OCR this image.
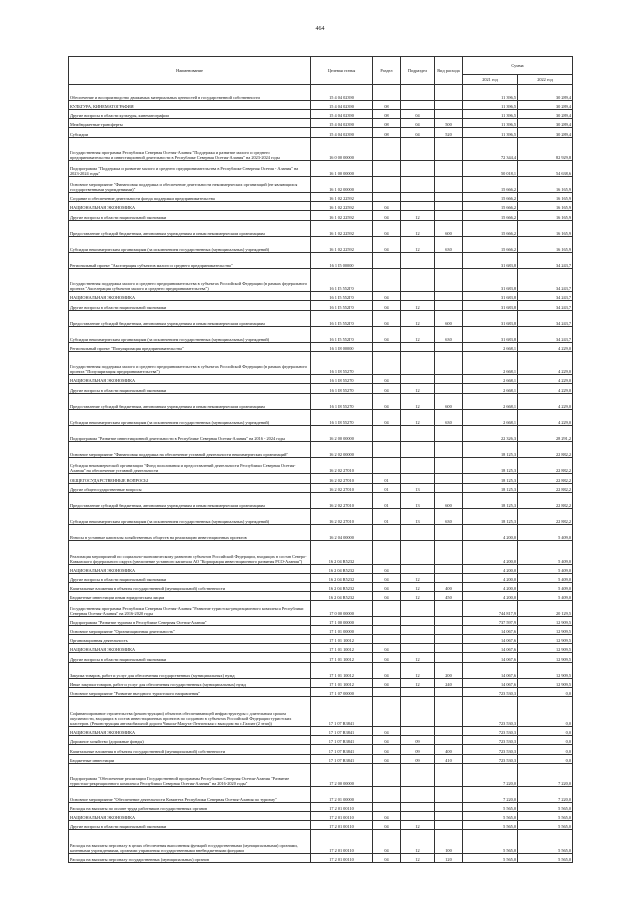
464
Наименование	Целевая статья	Раздел	Подраздел	Вид расхода	Сумма	
					2021 год	2022 год
Обеспечение и воспроизводство движимых материальных ценностей в государственной собственности	15 4 04 02390				11 396,5	30 289,4
КУЛЬТУРА, КИНЕМАТОГРАФИЯ	15 4 04 02390	08			11 396,5	30 289,4
Другие вопросы в области культуры, кинематографии	15 4 04 02390	08	04		11 396,5	30 289,4
Межбюджетные трансферты	15 4 04 02390	08	04	500	11 396,5	30 289,4
Субсидии	15 4 04 02390	08	04	520	11 396,5	30 289,4
Государственная программа Республики Северная Осетия-Алания "Поддержка и развитие малого и среднего предпринимательства и инвестиционной деятельности в Республике Северная Осетия-Алания" на 2023-2024 годы	16 0 00 00000				72 344,4	82 929,8
Подпрограмма "Поддержка и развитие малого и среднего предпринимательства в Республике Северная Осетия - Алания" на 2023-2024 годы"	16 1 00 00000				50 018,1	54 638,6
Основное мероприятие "Финансовая поддержка и обеспечение деятельности некоммерческих организаций (не являющихся государственными учреждениями)"	16 1 02 00000				15 666,2	16 165,9
Создание и обеспечение деятельности фонда поддержки предпринимательства	16 1 02 22592				15 666,2	16 165,9
НАЦИОНАЛЬНАЯ ЭКОНОМИКА	16 1 02 22592	04			15 666,2	16 165,9
Другие вопросы в области национальной экономики	16 1 02 22592	04	12		15 666,2	16 165,9
Предоставление субсидий бюджетным, автономным учреждениям и иным некоммерческим организациям	16 1 02 22592	04	12	600	15 666,2	16 165,9
Субсидии некоммерческим организациям (за исключением государственных (муниципальных) учреждений)	16 1 02 22592	04	12	630	15 666,2	16 165,9
Региональный проект "Акселерация субъектов малого и среднего предпринимательства"	16 1 I5 00000				31 683,8	34 243,7
Государственная поддержка малого и среднего предпринимательства в субъектах Российской Федерации (в рамках федерального проекта "Акселерация субъектов малого и среднего предпринимательства")	16 1 I5 552Г0				31 683,8	34 243,7
НАЦИОНАЛЬНАЯ ЭКОНОМИКА	16 1 I5 552Г0	04			31 683,8	34 243,7
Другие вопросы в области национальной экономики	16 1 I5 552Г0	04	12		31 683,8	34 243,7
Предоставление субсидий бюджетным, автономным учреждениям и иным некоммерческим организациям	16 1 I5 552Г0	04	12	600	31 683,8	34 243,7
Субсидии некоммерческим организациям (за исключением государственных (муниципальных) учреждений)	16 1 I5 552Г0	04	12	630	31 683,8	34 243,7
Региональный проект "Популяризация предпринимательства"	16 1 I8 00000				2 668,1	4 229,0
Государственная поддержка малого и среднего предпринимательства в субъектах Российской Федерации (в рамках федерального проекта "Популяризация предпринимательства")	16 1 I8 55270				2 668,1	4 229,0
НАЦИОНАЛЬНАЯ ЭКОНОМИКА	16 1 I8 55270	04			2 668,1	4 229,0
Другие вопросы в области национальной экономики	16 1 I8 55270	04	12		2 668,1	4 229,0
Предоставление субсидий бюджетным, автономным учреждениям и иным некоммерческим организациям	16 1 I8 55270	04	12	600	2 668,1	4 229,0
Субсидии некоммерческим организациям (за исключением государственных (муниципальных) учреждений)	16 1 I8 55270	04	12	630	2 668,1	4 229,0
Подпрограмма "Развитие инвестиционной деятельности в Республике Северная Осетия-Алания" на 2016 - 2024 годы	16 2 00 00000				22 326,3	28 291,2
Основное мероприятие "Финансовая поддержка на обеспечение уставной деятельности некоммерческих организаций"	16 2 02 00000				18 125,3	22 882,2
Субсидия некоммерческой организации "Фонд пользования и предоставлений деятельности Республики Северная Осетия-Алания" на обеспечение уставной деятельности	16 2 02 27010				18 125,3	22 882,2
ОБЩЕГОСУДАРСТВЕННЫЕ ВОПРОСЫ	16 2 02 27010	01			18 125,3	22 882,2
Другие общегосударственные вопросы	16 2 02 27010	01	13		18 125,3	22 882,2
Предоставление субсидий бюджетным, автономным учреждениям и иным некоммерческим организациям	16 2 02 27010	01	13	600	18 125,3	22 882,2
Субсидии некоммерческим организациям (за исключением государственных (муниципальных) учреждений)	16 2 02 27010	01	13	630	18 125,3	22 882,2
Взносы в уставные капиталы хозяйственных обществ на реализацию инвестиционных проектов	16 2 04 00000				4 200,0	5 409,0
Реализация мероприятий по социально-экономическому развитию субъектов Российской Федерации, входящих в состав Северо-Кавказского федерального округа (увеличение уставного капитала АО "Корпорация инвестиционного развития РСО-Алания")	16 2 04 R5232				4 200,0	5 409,0
НАЦИОНАЛЬНАЯ ЭКОНОМИКА	16 2 04 R5232	04			4 200,0	5 409,0
Другие вопросы в области национальной экономики	16 2 04 R5232	04	12		4 200,0	5 409,0
Капитальные вложения в объекты государственной (муниципальной) собственности	16 2 04 R5232	04	12	400	4 200,0	5 409,0
Бюджетные инвестиции иным юридическим лицам	16 2 04 R5232	04	12	450	4 200,0	5 409,0
Государственная программа Республики Северная Осетия-Алания "Развитие туристско-рекреационного комплекса Республики Северная Осетия-Алания" на 2016-2020 годы	17 0 00 00000				744 817,9	20 129,5
Подпрограмма "Развитие туризма в Республике Северная Осетия-Алания"	17 1 00 00000				737 597,9	12 909,5
Основное мероприятие "Организационная деятельность"	17 1 01 00000				14 067,6	12 909,5
Организационная деятельность	17 1 01 10012				14 067,6	12 909,5
НАЦИОНАЛЬНАЯ ЭКОНОМИКА	17 1 01 10012	04			14 067,6	12 909,5
Другие вопросы в области национальной экономики	17 1 01 10012	04	12		14 067,6	12 909,5
Закупка товаров, работ и услуг для обеспечения государственных (муниципальных) нужд	17 1 01 10012	04	12	200	14 067,6	12 909,5
Иные закупки товаров, работ и услуг для обеспечения государственных (муниципальных) нужд	17 1 01 10012	04	12	240	14 067,6	12 909,5
Основное мероприятие "Развитие въездного туристского направления"	17 1 07 00000				723 530,3	0,0
Софинансирование строительства (реконструкции) объектов обеспечивающей инфраструктуры с длительным сроком окупаемости, входящих в состав инвестиционных проектов по созданию в субъектах Российской Федерации туристских кластеров. (Реконструкция автомобильной дороги Чикола-Мацута-Лезгинская с выходом на с.Галиат (2 этап))	17 1 07 R3841				723 530,3	0,0
НАЦИОНАЛЬНАЯ ЭКОНОМИКА	17 1 07 R3841	04			723 530,3	0,0
Дорожное хозяйство (дорожные фонды)	17 1 07 R3841	04	09		723 530,3	0,0
Капитальные вложения в объекты государственной (муниципальной) собственности	17 1 07 R3841	04	09	400	723 530,3	0,0
Бюджетные инвестиции	17 1 07 R3841	04	09	410	723 530,3	0,0
Подпрограмма "Обеспечение реализации Государственной программы Республики Северная Осетия-Алания "Развитие туристско-рекреационного комплекса Республики Северная Осетия-Алания" на 2016-2020 годы"	17 2 00 00000				7 220,0	7 220,0
Основное мероприятие "Обеспечение деятельности Комитета Республики Северная Осетия-Алания по туризму"	17 2 01 00000				7 220,0	7 220,0
Расходы на выплаты по оплате труда работников государственных органов	17 2 01 00110				5 565,0	5 565,0
НАЦИОНАЛЬНАЯ ЭКОНОМИКА	17 2 01 00110	04			5 565,0	5 565,0
Другие вопросы в области национальной экономики	17 2 01 00110	04	12		5 565,0	5 565,0
Расходы на выплаты персоналу в целях обеспечения выполнения функций государственными (муниципальными) органами, казенными учреждениями, органами управления государственными внебюджетными фондами	17 2 01 00110	04	12	100	5 565,0	5 565,0
Расходы на выплаты персоналу государственных (муниципальных) органов	17 2 01 00110	04	12	120	5 565,0	5 565,0
